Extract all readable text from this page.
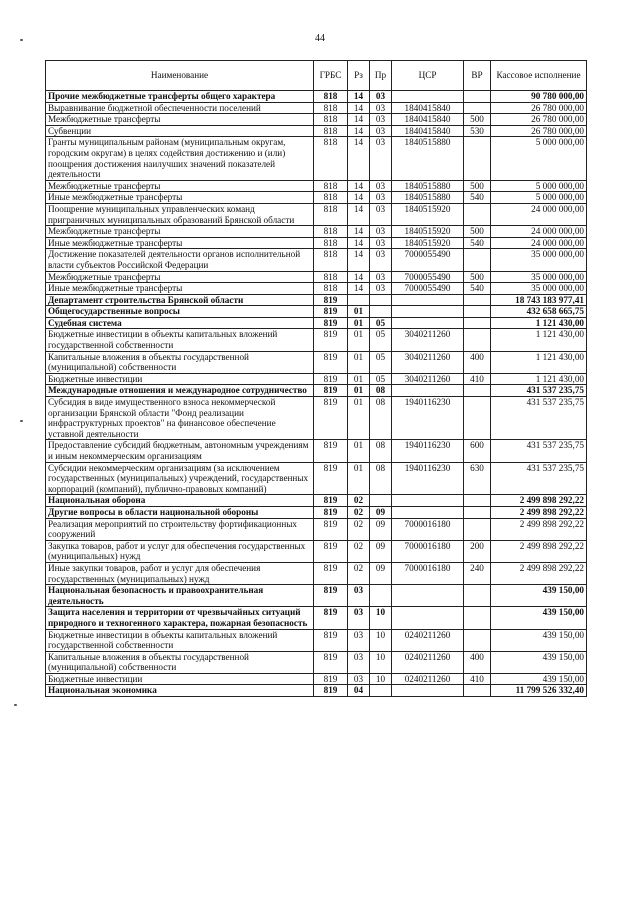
44
Наименование	ГРБС	Рз	Пр	ЦСР	ВР	Кассовое исполнение
Прочие межбюджетные трансферты общего характера	818	14	03			90 780 000,00
Выравнивание бюджетной обеспеченности поселений	818	14	03	1840415840		26 780 000,00
Межбюджетные трансферты	818	14	03	1840415840	500	26 780 000,00
Субвенции	818	14	03	1840415840	530	26 780 000,00
Гранты муниципальным районам (муниципальным округам, городским округам) в целях содействия достижению и (или) поощрения достижения наилучших значений показателей деятельности	818	14	03	1840515880		5 000 000,00
Межбюджетные трансферты	818	14	03	1840515880	500	5 000 000,00
Иные межбюджетные трансферты	818	14	03	1840515880	540	5 000 000,00
Поощрение муниципальных управленческих команд приграничных муниципальных образований Брянской области	818	14	03	1840515920		24 000 000,00
Межбюджетные трансферты	818	14	03	1840515920	500	24 000 000,00
Иные межбюджетные трансферты	818	14	03	1840515920	540	24 000 000,00
Достижение показателей деятельности органов исполнительной власти субъектов Российской Федерации	818	14	03	7000055490		35 000 000,00
Межбюджетные трансферты	818	14	03	7000055490	500	35 000 000,00
Иные межбюджетные трансферты	818	14	03	7000055490	540	35 000 000,00
Департамент строительства Брянской области	819					18 743 183 977,41
Общегосударственные вопросы	819	01				432 658 665,75
Судебная система	819	01	05			1 121 430,00
Бюджетные инвестиции в объекты капитальных вложений государственной собственности	819	01	05	3040211260		1 121 430,00
Капитальные вложения в объекты государственной (муниципальной) собственности	819	01	05	3040211260	400	1 121 430,00
Бюджетные инвестиции	819	01	05	3040211260	410	1 121 430,00
Международные отношения и международное сотрудничество	819	01	08			431 537 235,75
Субсидия в виде имущественного взноса некоммерческой организации Брянской области "Фонд реализации инфраструктурных проектов" на финансовое обеспечение уставной деятельности	819	01	08	1940116230		431 537 235,75
Предоставление субсидий бюджетным, автономным учреждениям и иным некоммерческим организациям	819	01	08	1940116230	600	431 537 235,75
Субсидии некоммерческим организациям (за исключением государственных (муниципальных) учреждений, государственных корпораций (компаний), публично-правовых компаний)	819	01	08	1940116230	630	431 537 235,75
Национальная оборона	819	02				2 499 898 292,22
Другие вопросы в области национальной обороны	819	02	09			2 499 898 292,22
Реализация мероприятий по строительству фортификационных сооружений	819	02	09	7000016180		2 499 898 292,22
Закупка товаров, работ и услуг для обеспечения государственных (муниципальных) нужд	819	02	09	7000016180	200	2 499 898 292,22
Иные закупки товаров, работ и услуг для обеспечения государственных (муниципальных) нужд	819	02	09	7000016180	240	2 499 898 292,22
Национальная безопасность и правоохранительная деятельность	819	03				439 150,00
Защита населения и территории от чрезвычайных ситуаций природного и техногенного характера, пожарная безопасность	819	03	10			439 150,00
Бюджетные инвестиции в объекты капитальных вложений государственной собственности	819	03	10	0240211260		439 150,00
Капитальные вложения в объекты государственной (муниципальной) собственности	819	03	10	0240211260	400	439 150,00
Бюджетные инвестиции	819	03	10	0240211260	410	439 150,00
Национальная экономика	819	04				11 799 526 332,40
